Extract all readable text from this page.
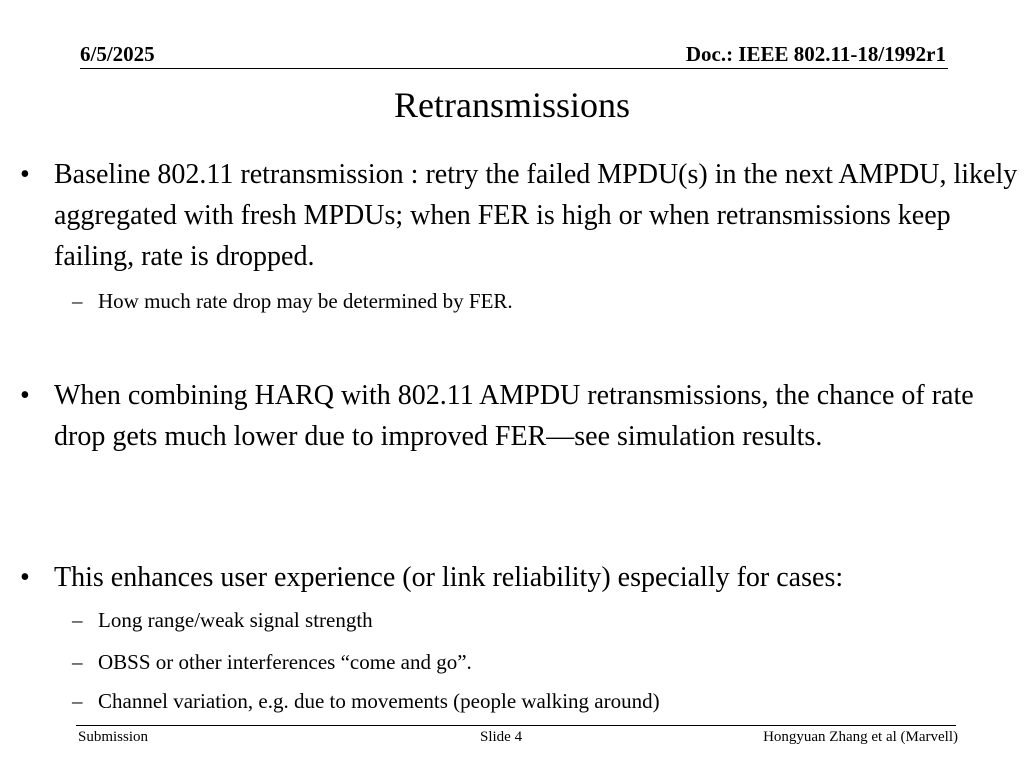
6/5/2025	Doc.: IEEE 802.11-18/1992r1
Retransmissions
• Baseline 802.11 retransmission : retry the failed MPDU(s) in the next AMPDU, likely aggregated with fresh MPDUs; when FER is high or when retransmissions keep failing, rate is dropped.
– How much rate drop may be determined by FER.
• When combining HARQ with 802.11 AMPDU retransmissions, the chance of rate drop gets much lower due to improved FER—see simulation results.
• This enhances user experience (or link reliability) especially for cases:
– Long range/weak signal strength
– OBSS or other interferences “come and go”.
– Channel variation, e.g. due to movements (people walking around)
Submission	Slide 4	Hongyuan Zhang et al (Marvell)
